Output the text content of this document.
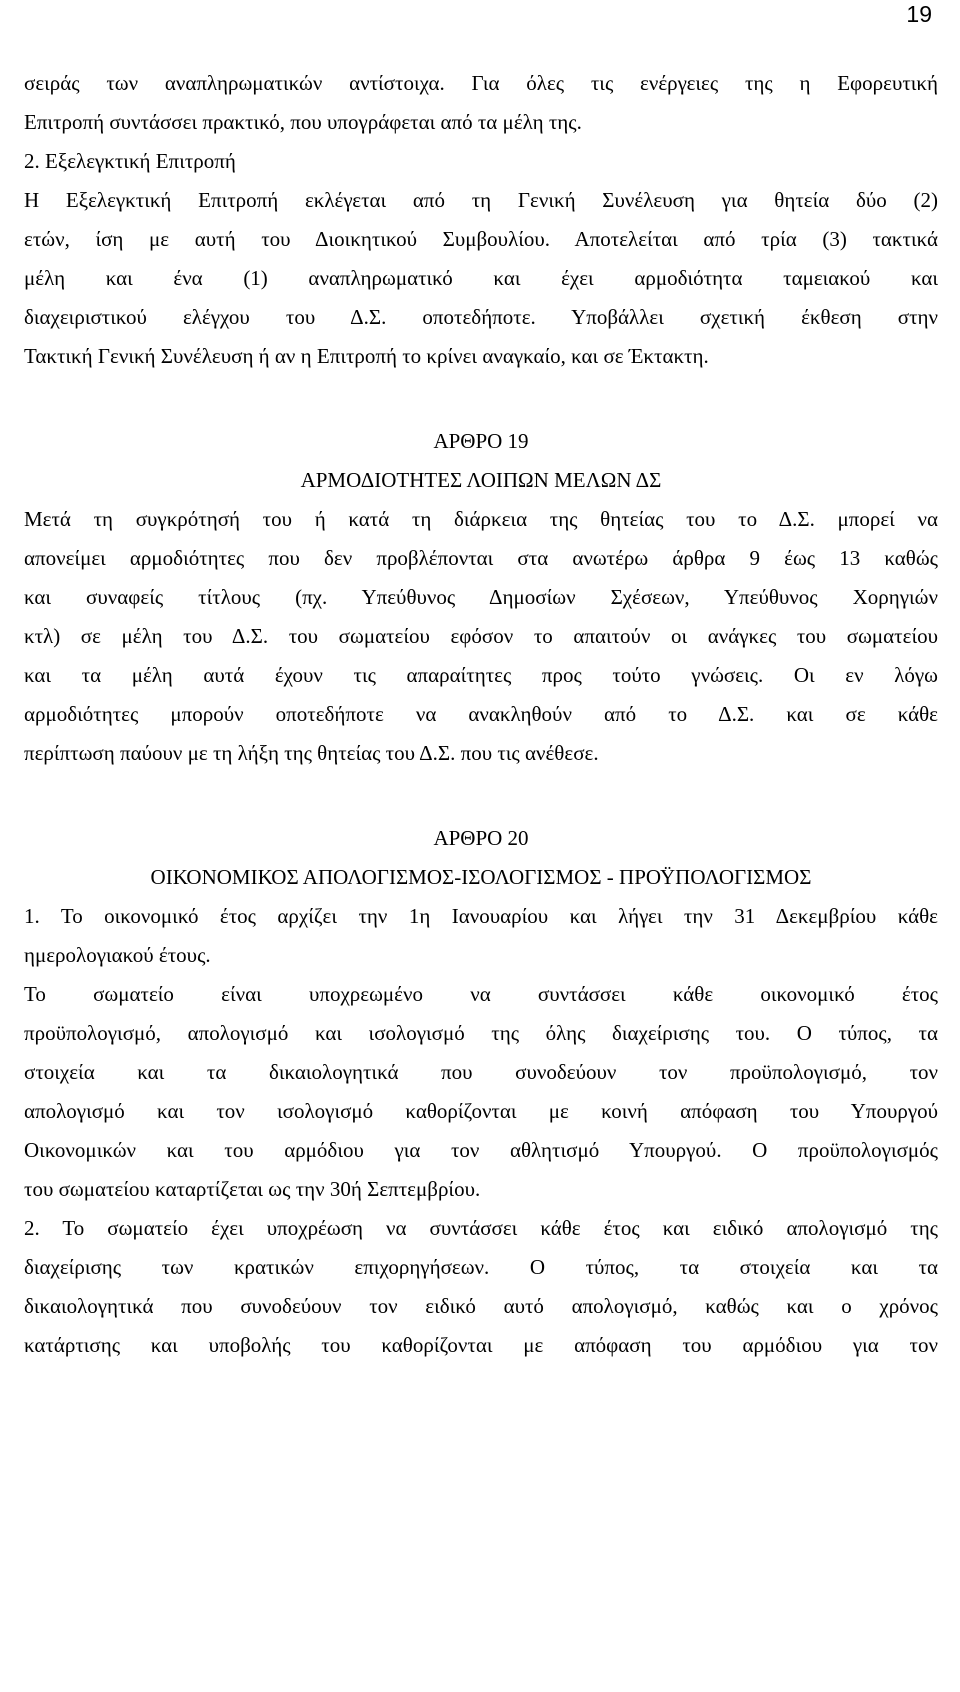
19
σειράς των αναπληρωματικών αντίστοιχα. Για όλες τις ενέργειες της η Εφορευτική
Επιτροπή συντάσσει πρακτικό, που υπογράφεται από τα μέλη της.
2. Εξελεγκτική Επιτροπή
Η Εξελεγκτική Επιτροπή εκλέγεται από τη Γενική Συνέλευση για θητεία δύο (2)
ετών, ίση με αυτή του Διοικητικού Συμβουλίου. Αποτελείται από τρία (3) τακτικά
μέλη και ένα (1) αναπληρωματικό και έχει αρμοδιότητα ταμειακού και
διαχειριστικού ελέγχου του Δ.Σ. οποτεδήποτε. Υποβάλλει σχετική έκθεση στην
Τακτική Γενική Συνέλευση ή αν η Επιτροπή το κρίνει αναγκαίο, και σε Έκτακτη.
ΑΡΘΡΟ 19
ΑΡΜΟΔΙΟΤΗΤΕΣ ΛΟΙΠΩΝ ΜΕΛΩΝ ΔΣ
Μετά τη συγκρότησή του ή κατά τη διάρκεια της θητείας του το Δ.Σ. μπορεί να
απονείμει αρμοδιότητες που δεν προβλέπονται στα ανωτέρω άρθρα 9 έως 13 καθώς
και συναφείς τίτλους (πχ. Υπεύθυνος Δημοσίων Σχέσεων, Υπεύθυνος Χορηγιών
κτλ) σε μέλη του Δ.Σ. του σωματείου εφόσον το απαιτούν οι ανάγκες του σωματείου
και τα μέλη αυτά έχουν τις απαραίτητες προς τούτο γνώσεις. Οι εν λόγω
αρμοδιότητες μπορούν οποτεδήποτε να ανακληθούν από το Δ.Σ. και σε κάθε
περίπτωση παύουν με τη λήξη της θητείας του Δ.Σ. που τις ανέθεσε.
ΑΡΘΡΟ 20
ΟΙΚΟΝΟΜΙΚΟΣ ΑΠΟΛΟΓΙΣΜΟΣ-ΙΣΟΛΟΓΙΣΜΟΣ - ΠΡΟΫΠΟΛΟΓΙΣΜΟΣ
1. Το οικονομικό έτος αρχίζει την 1η Ιανουαρίου και λήγει την 31 Δεκεμβρίου κάθε
ημερολογιακού έτους.
Το σωματείο είναι υποχρεωμένο να συντάσσει κάθε οικονομικό έτος
προϋπολογισμό, απολογισμό και ισολογισμό της όλης διαχείρισης του. Ο τύπος, τα
στοιχεία και τα δικαιολογητικά που συνοδεύουν τον προϋπολογισμό, τον
απολογισμό και τον ισολογισμό καθορίζονται με κοινή απόφαση του Υπουργού
Οικονομικών και του αρμόδιου για τον αθλητισμό Υπουργού. Ο προϋπολογισμός
του σωματείου καταρτίζεται ως την 30ή Σεπτεμβρίου.
2. Το σωματείο έχει υποχρέωση να συντάσσει κάθε έτος και ειδικό απολογισμό της
διαχείρισης των κρατικών επιχορηγήσεων. Ο τύπος, τα στοιχεία και τα
δικαιολογητικά που συνοδεύουν τον ειδικό αυτό απολογισμό, καθώς και ο χρόνος
κατάρτισης και υποβολής του καθορίζονται με απόφαση του αρμόδιου για τον
